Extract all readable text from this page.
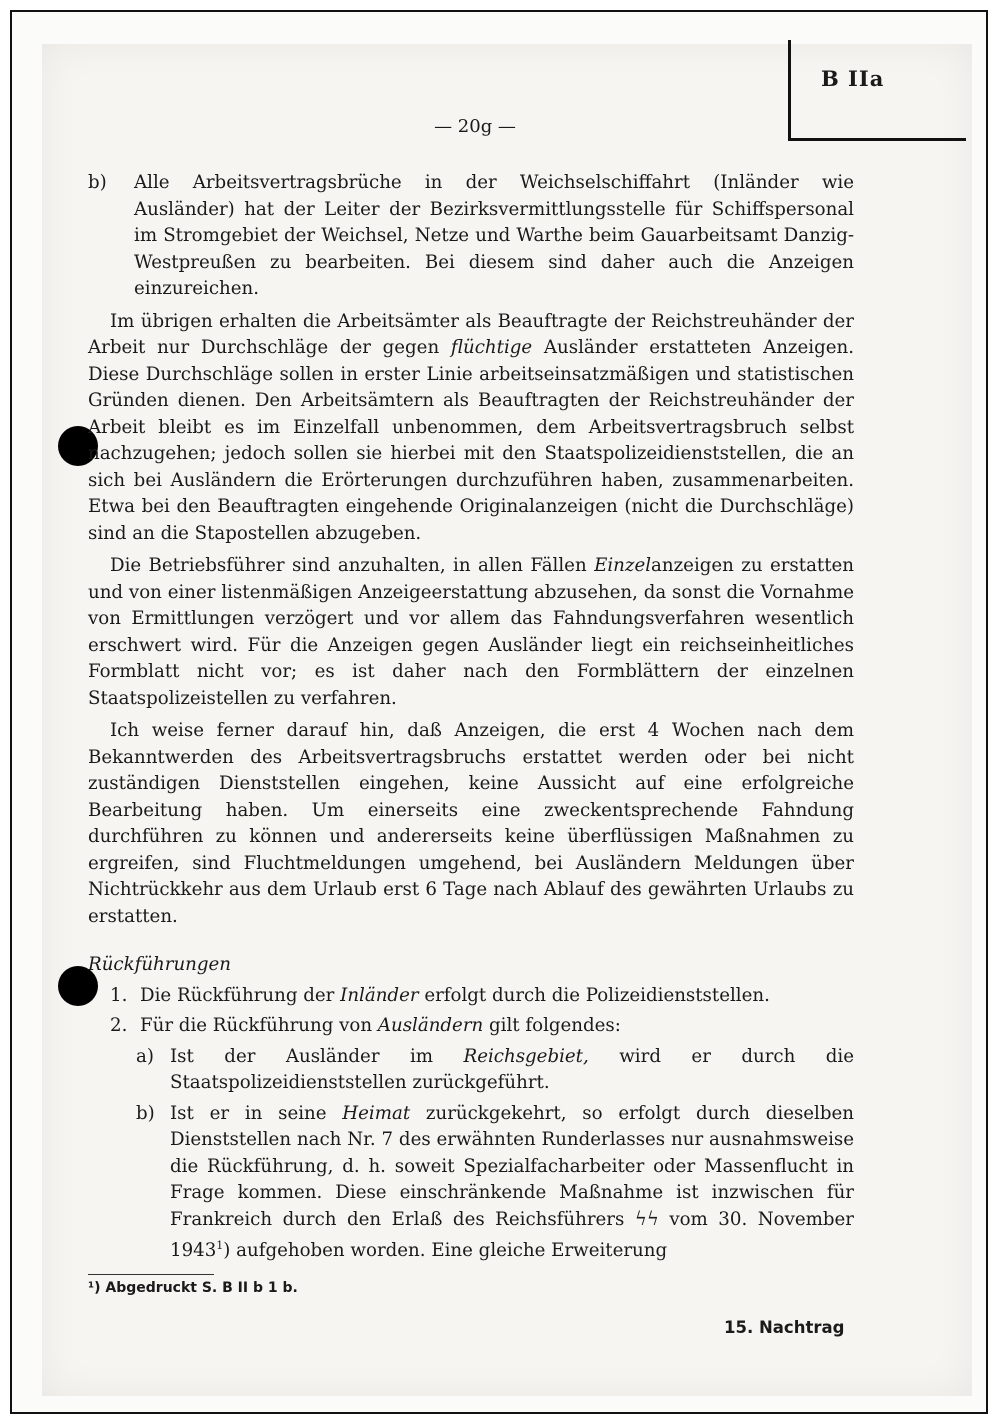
B IIa
— 20g —
b)	Alle Arbeitsvertragsbrüche in der Weichselschiffahrt (Inländer wie Ausländer) hat der Leiter der Bezirksvermittlungsstelle für Schiffspersonal im Stromgebiet der Weichsel, Netze und Warthe beim Gauarbeitsamt Danzig-Westpreußen zu bearbeiten. Bei diesem sind daher auch die Anzeigen einzureichen.

Im übrigen erhalten die Arbeitsämter als Beauftragte der Reichstreuhänder der Arbeit nur Durchschläge der gegen flüchtige Ausländer erstatteten Anzeigen. Diese Durchschläge sollen in erster Linie arbeitseinsatzmäßigen und statistischen Gründen dienen. Den Arbeitsämtern als Beauftragten der Reichstreuhänder der Arbeit bleibt es im Einzelfall unbenommen, dem Arbeitsvertragsbruch selbst nachzugehen; jedoch sollen sie hierbei mit den Staatspolizeidienststellen, die an sich bei Ausländern die Erörterungen durchzuführen haben, zusammenarbeiten. Etwa bei den Beauftragten eingehende Originalanzeigen (nicht die Durchschläge) sind an die Stapostellen abzugeben.

Die Betriebsführer sind anzuhalten, in allen Fällen Einzelanzeigen zu erstatten und von einer listenmäßigen Anzeigeerstattung abzusehen, da sonst die Vornahme von Ermittlungen verzögert und vor allem das Fahndungsverfahren wesentlich erschwert wird. Für die Anzeigen gegen Ausländer liegt ein reichseinheitliches Formblatt nicht vor; es ist daher nach den Formblättern der einzelnen Staatspolizeistellen zu verfahren.

Ich weise ferner darauf hin, daß Anzeigen, die erst 4 Wochen nach dem Bekanntwerden des Arbeitsvertragsbruchs erstattet werden oder bei nicht zuständigen Dienststellen eingehen, keine Aussicht auf eine erfolgreiche Bearbeitung haben. Um einerseits eine zweckentsprechende Fahndung durchführen zu können und andererseits keine überflüssigen Maßnahmen zu ergreifen, sind Fluchtmeldungen umgehend, bei Ausländern Meldungen über Nichtrückkehr aus dem Urlaub erst 6 Tage nach Ablauf des gewährten Urlaubs zu erstatten.

Rückführungen

1. Die Rückführung der Inländer erfolgt durch die Polizeidienststellen.
2. Für die Rückführung von Ausländern gilt folgendes:
a) Ist der Ausländer im Reichsgebiet, wird er durch die Staatspolizeidienststellen zurückgeführt.
b) Ist er in seine Heimat zurückgekehrt, so erfolgt durch dieselben Dienststellen nach Nr. 7 des erwähnten Runderlasses nur ausnahmsweise die Rückführung, d. h. soweit Spezialfacharbeiter oder Massenflucht in Frage kommen. Diese einschränkende Maßnahme ist inzwischen für Frankreich durch den Erlaß des Reichsführers ϟϟ vom 30. November 1943$^1$) aufgehoben worden. Eine gleiche Erweiterung
¹) Abgedruckt S. B II b 1 b.
15. Nachtrag
